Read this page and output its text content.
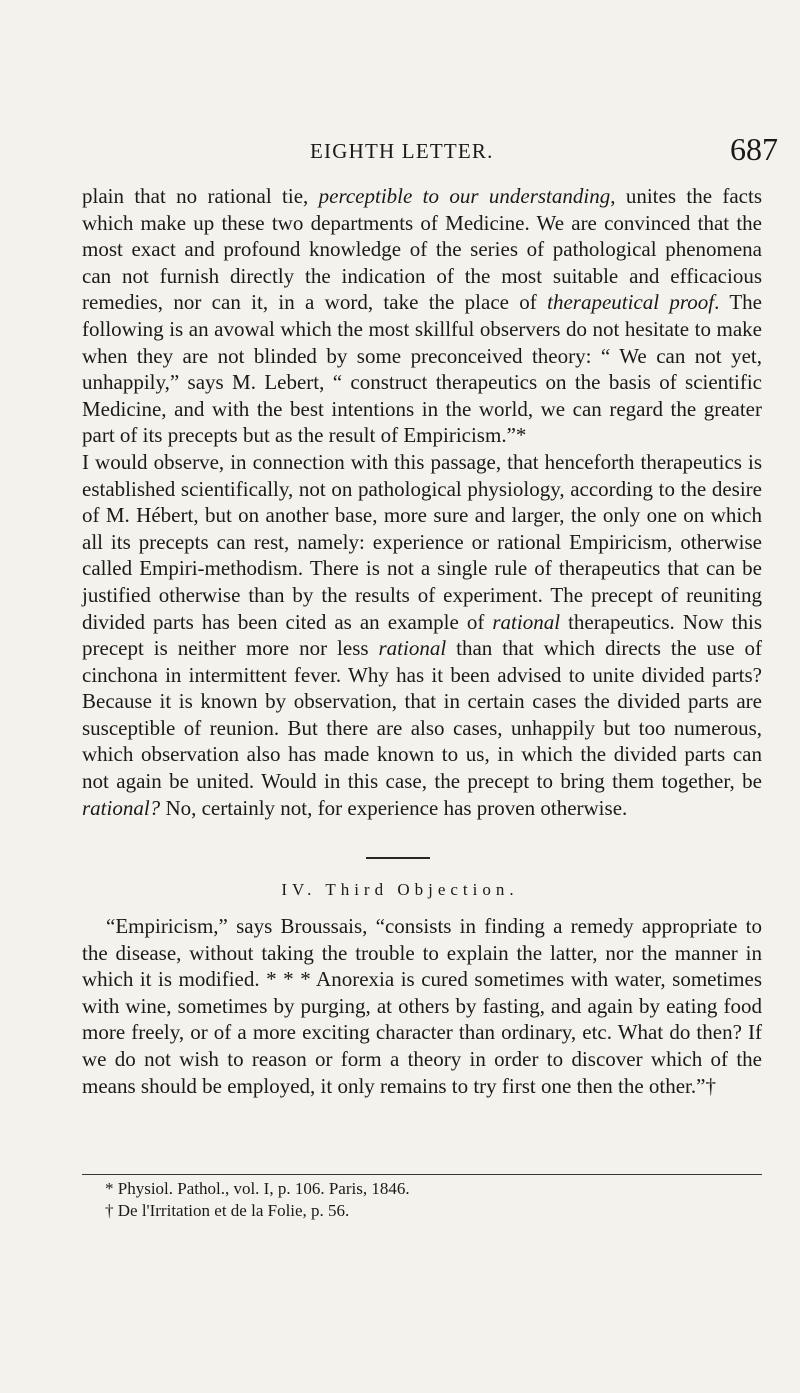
EIGHTH LETTER.	687

plain that no rational tie, perceptible to our understanding, unites the facts which make up these two departments of Medicine. We are convinced that the most exact and profound knowledge of the series of pathological phenomena can not furnish directly the indication of the most suitable and efficacious remedies, nor can it, in a word, take the place of therapeutical proof. The following is an avowal which the most skillful observers do not hesitate to make when they are not blinded by some preconceived theory: “ We can not yet, unhappily,” says M. Lebert, “ construct therapeutics on the basis of scientific Medicine, and with the best intentions in the world, we can regard the greater part of its precepts but as the result of Empiricism.”*

I would observe, in connection with this passage, that henceforth therapeutics is established scientifically, not on pathological physiology, according to the desire of M. Hébert, but on another base, more sure and larger, the only one on which all its precepts can rest, namely: experience or rational Empiricism, otherwise called Empiri-methodism. There is not a single rule of therapeutics that can be justified otherwise than by the results of experiment. The precept of reuniting divided parts has been cited as an example of rational therapeutics. Now this precept is neither more nor less rational than that which directs the use of cinchona in intermittent fever. Why has it been advised to unite divided parts? Because it is known by observation, that in certain cases the divided parts are susceptible of reunion. But there are also cases, unhappily but too numerous, which observation also has made known to us, in which the divided parts can not again be united. Would in this case, the precept to bring them together, be rational? No, certainly not, for experience has proven otherwise.

IV. Third Objection.

“Empiricism,” says Broussais, “consists in finding a remedy appropriate to the disease, without taking the trouble to explain the latter, nor the manner in which it is modified. * * * Anorexia is cured sometimes with water, sometimes with wine, sometimes by purging, at others by fasting, and again by eating food more freely, or of a more exciting character than ordinary, etc. What do then? If we do not wish to reason or form a theory in order to discover which of the means should be employed, it only remains to try first one then the other.”†

* Physiol. Pathol., vol. I, p. 106. Paris, 1846.

† De l'Irritation et de la Folie, p. 56.
